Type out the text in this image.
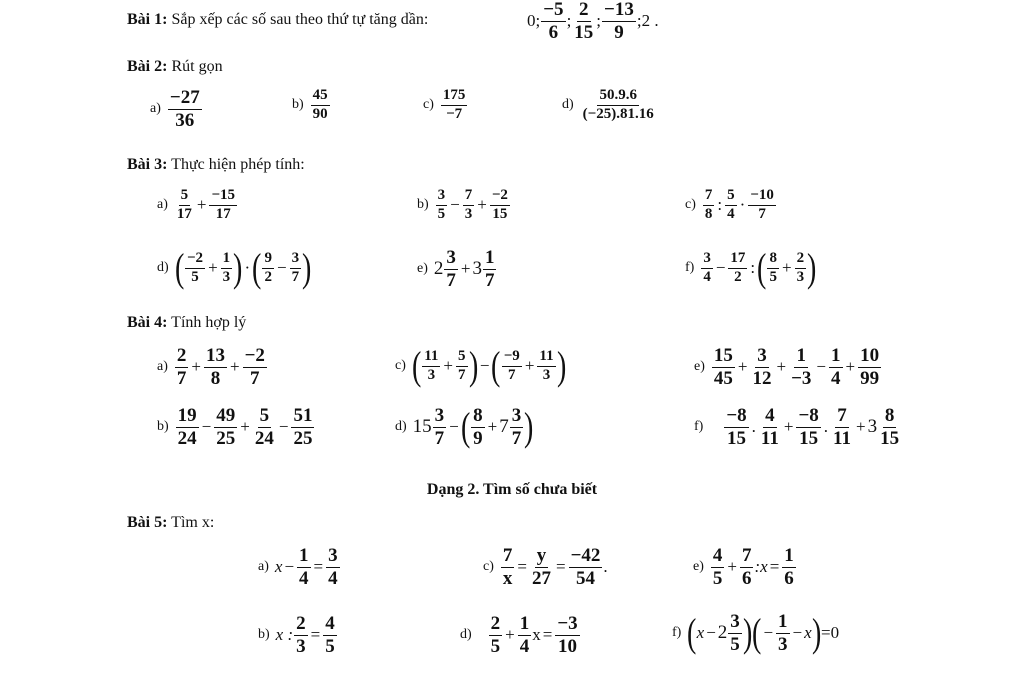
Bài 1: Sắp xếp các số sau theo thứ tự tăng dần:	0; $\frac{-5}{6}$ ; $\frac{2}{15}$ ; $\frac{-13}{9}$ ;2 .
Bài 2: Rút gọn
$a) \frac{-27}{36}$	$b) \frac{45}{90}$	$c) \frac{175}{-7}$	$d) \frac{50.9.6}{(-25).81.16}$
Bài 3: Thực hiện phép tính:
$a) \frac{5}{17} + \frac{-15}{17}$	$b) \frac{3}{5} - \frac{7}{3} + \frac{-2}{15}$	$c) \frac{7}{8}$ : $\frac{5}{4} \cdot \frac{-10}{7}$
d) ( $\frac{-2}{5} + \frac{1}{3}$ ) · ( $\frac{9}{2} - \frac{3}{7}$ )	e) $2 \frac{3}{7} + 3 \frac{1}{7}$	$f) \frac{3}{4} - \frac{17}{2}$ : ( $\frac{8}{5} + \frac{2}{3}$ )
Bài 4: Tính hợp lý
$a) \frac{2}{7} + \frac{13}{8} + \frac{-2}{7}$	c) ( $\frac{11}{3} + \frac{5}{7}$ ) − ( $\frac{-9}{7} + \frac{11}{3}$ )	$e) \frac{15}{45} + \frac{3}{12} + \frac{1}{-3} - \frac{1}{4} + \frac{10}{99}$
$b) \frac{19}{24} - \frac{49}{25} + \frac{5}{24} - \frac{51}{25}$	d) $15 \frac{3}{7}$ − ( $\frac{8}{9} + 7 \frac{3}{7}$ )	$f) \frac{-8}{15}$ . $\frac{4}{11} + \frac{-8}{15}$ . $\frac{7}{11} + 3 \frac{8}{15}$
Dạng 2. Tìm số chưa biết
Bài 5: Tìm x:
a) $x - \frac{1}{4} = \frac{3}{4}$	$c) \frac{7}{x} = \frac{y}{27} = \frac{-42}{54}$ .	$e) \frac{4}{5} + \frac{7}{6}$ :x = $\frac{1}{6}$
b) x : $\frac{2}{3} = \frac{4}{5}$	$d) \frac{2}{5} + \frac{1}{4}$ $x = \frac{-3}{10}$	f) ( $x - 2 \frac{3}{5}$ ) ( − $\frac{1}{3} - x$ ) =0
